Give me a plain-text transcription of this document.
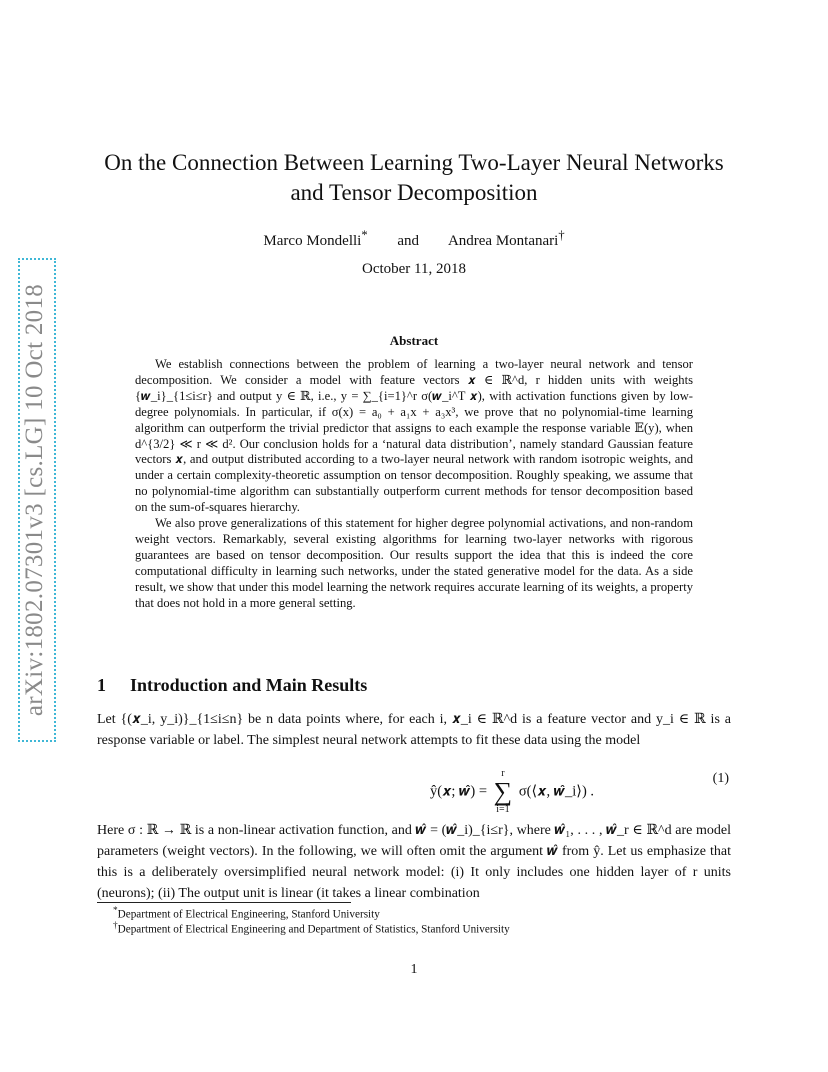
arXiv:1802.07301v3 [cs.LG] 10 Oct 2018
On the Connection Between Learning Two-Layer Neural Networks and Tensor Decomposition
Marco Mondelli* and Andrea Montanari†
October 11, 2018
Abstract

We establish connections between the problem of learning a two-layer neural network and tensor decomposition. We consider a model with feature vectors 𝒙 ∈ ℝ^d, r hidden units with weights {𝒘_i}_{1≤i≤r} and output y ∈ ℝ, i.e., y = ∑_{i=1}^r σ(𝒘_i^T 𝒙), with activation functions given by low-degree polynomials. In particular, if σ(x) = a₀ + a₁x + a₃x³, we prove that no polynomial-time learning algorithm can outperform the trivial predictor that assigns to each example the response variable 𝔼(y), when d^{3/2} ≪ r ≪ d². Our conclusion holds for a ‘natural data distribution’, namely standard Gaussian feature vectors 𝒙, and output distributed according to a two-layer neural network with random isotropic weights, and under a certain complexity-theoretic assumption on tensor decomposition. Roughly speaking, we assume that no polynomial-time algorithm can substantially outperform current methods for tensor decomposition based on the sum-of-squares hierarchy.

We also prove generalizations of this statement for higher degree polynomial activations, and non-random weight vectors. Remarkably, several existing algorithms for learning two-layer networks with rigorous guarantees are based on tensor decomposition. Our results support the idea that this is indeed the core computational difficulty in learning such networks, under the stated generative model for the data. As a side result, we show that under this model learning the network requires accurate learning of its weights, a property that does not hold in a more general setting.

1 Introduction and Main Results

Let {(𝒙_i, y_i)}_{1≤i≤n} be n data points where, for each i, 𝒙_i ∈ ℝ^d is a feature vector and y_i ∈ ℝ is a response variable or label. The simplest neural network attempts to fit these data using the model

ŷ(𝒙; 𝒘̂) =
r
∑
i=1
σ(⟨𝒙, 𝒘̂_i⟩) .
(1)

Here σ : ℝ → ℝ is a non-linear activation function, and 𝒘̂ = (𝒘̂_i)_{i≤r}, where 𝒘̂₁, . . . , 𝒘̂_r ∈ ℝ^d are model parameters (weight vectors). In the following, we will often omit the argument 𝒘̂ from ŷ. Let us emphasize that this is a deliberately oversimplified neural network model: (i) It only includes one hidden layer of r units (neurons); (ii) The output unit is linear (it takes a linear combination

*Department of Electrical Engineering, Stanford University
†Department of Electrical Engineering and Department of Statistics, Stanford University
1
